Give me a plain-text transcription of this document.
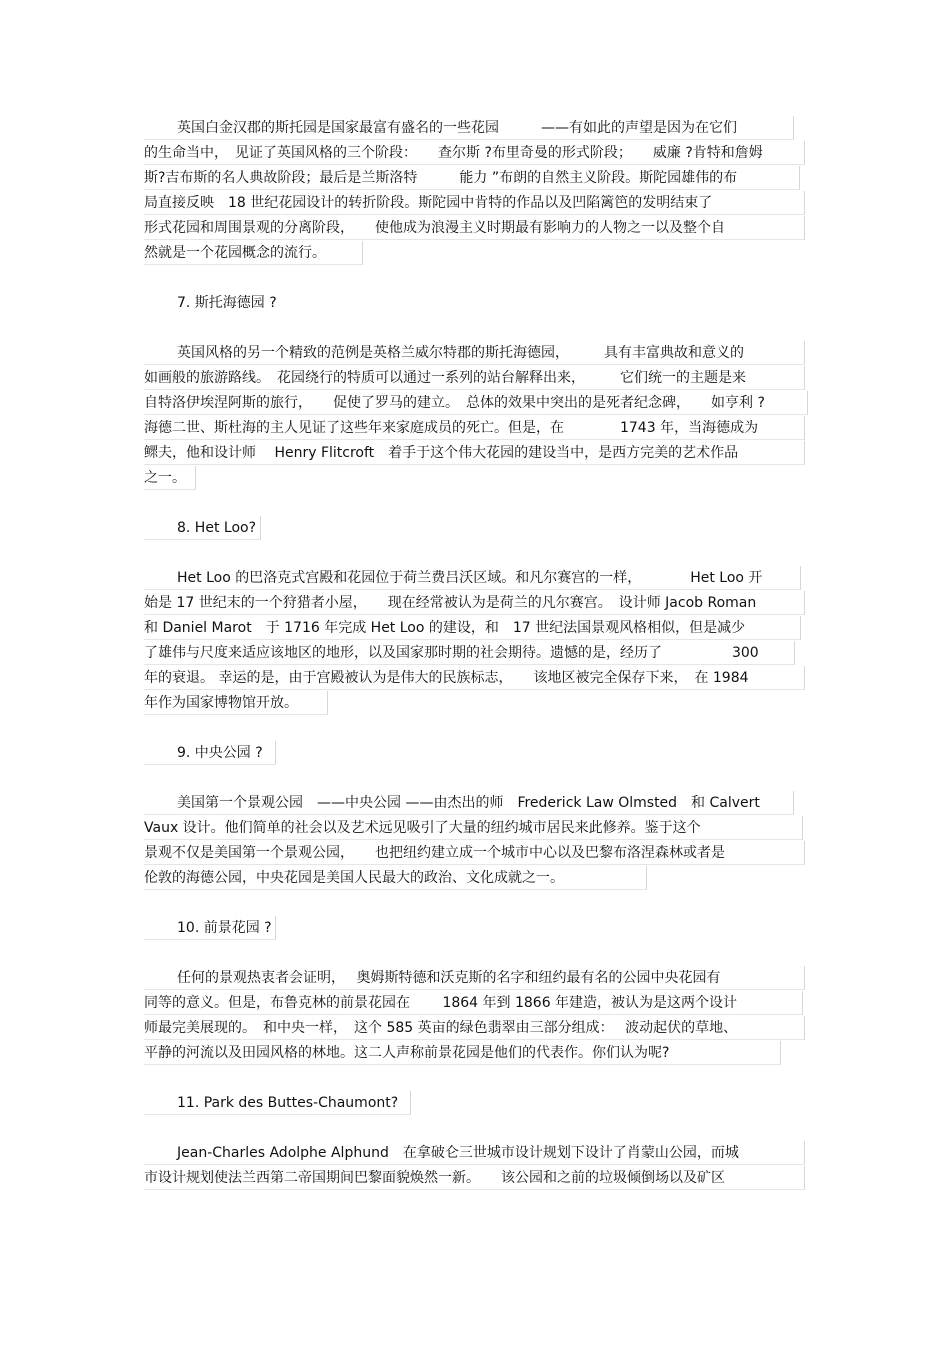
英国白金汉郡的斯托园是国家最富有盛名的一些花园　　　——有如此的声望是因为在它们
的生命当中，　见证了英国风格的三个阶段：　　查尔斯 ?布里奇曼的形式阶段；　　威廉 ?肯特和詹姆
斯?吉布斯的名人典故阶段；最后是兰斯洛特　　　能力 ”布朗的自然主义阶段。斯陀园雄伟的布
局直接反映　18 世纪花园设计的转折阶段。斯陀园中肯特的作品以及凹陷篱笆的发明结束了
形式花园和周围景观的分离阶段，　　使他成为浪漫主义时期最有影响力的人物之一以及整个自
然就是一个花园概念的流行。
7. 斯托海德园 ?
英国风格的另一个精致的范例是英格兰威尔特郡的斯托海德园，　　　具有丰富典故和意义的
如画般的旅游路线。　花园绕行的特质可以通过一系列的站台解释出来，　　　它们统一的主题是来
自特洛伊埃涅阿斯的旅行，　　促使了罗马的建立。　总体的效果中突出的是死者纪念碑，　　如亨利 ?
海德二世、斯杜海的主人见证了这些年来家庭成员的死亡。但是，在　　　　1743 年，当海德成为
鳏夫，他和设计师　 Henry Flitcroft　着手于这个伟大花园的建设当中，是西方完美的艺术作品
之一。
8. Het Loo?
Het Loo 的巴洛克式宫殿和花园位于荷兰费吕沃区域。和凡尔赛宫的一样，　　　　Het Loo 开
始是 17 世纪末的一个狩猎者小屋，　　现在经常被认为是荷兰的凡尔赛宫。　设计师 Jacob Roman
和 Daniel Marot　于 1716 年完成 Het Loo 的建设，和　17 世纪法国景观风格相似，但是减少
了雄伟与尺度来适应该地区的地形，以及国家那时期的社会期待。遗憾的是，经历了　　　　　300
年的衰退。 幸运的是，由于宫殿被认为是伟大的民族标志，　　该地区被完全保存下来，　在 1984
年作为国家博物馆开放。
9. 中央公园 ?
美国第一个景观公园　——中央公园 ——由杰出的师　Frederick Law Olmsted　和 Calvert
Vaux 设计。他们简单的社会以及艺术远见吸引了大量的纽约城市居民来此修养。鉴于这个
景观不仅是美国第一个景观公园，　　也把纽约建立成一个城市中心以及巴黎布洛涅森林或者是
伦敦的海德公园，中央花园是美国人民最大的政治、文化成就之一。
10. 前景花园 ?
任何的景观热衷者会证明，　 奥姆斯特德和沃克斯的名字和纽约最有名的公园中央花园有
同等的意义。但是，布鲁克林的前景花园在　　 1864 年到 1866 年建造，被认为是这两个设计
师最完美展现的。　和中央一样，　这个 585 英亩的绿色翡翠由三部分组成：　 波动起伏的草地、
平静的河流以及田园风格的林地。这二人声称前景花园是他们的代表作。你们认为呢?
11. Park des Buttes-Chaumont?
Jean-Charles Adolphe Alphund　在拿破仑三世城市设计规划下设计了肖蒙山公园，而城
市设计规划使法兰西第二帝国期间巴黎面貌焕然一新。　　该公园和之前的垃圾倾倒场以及矿区
